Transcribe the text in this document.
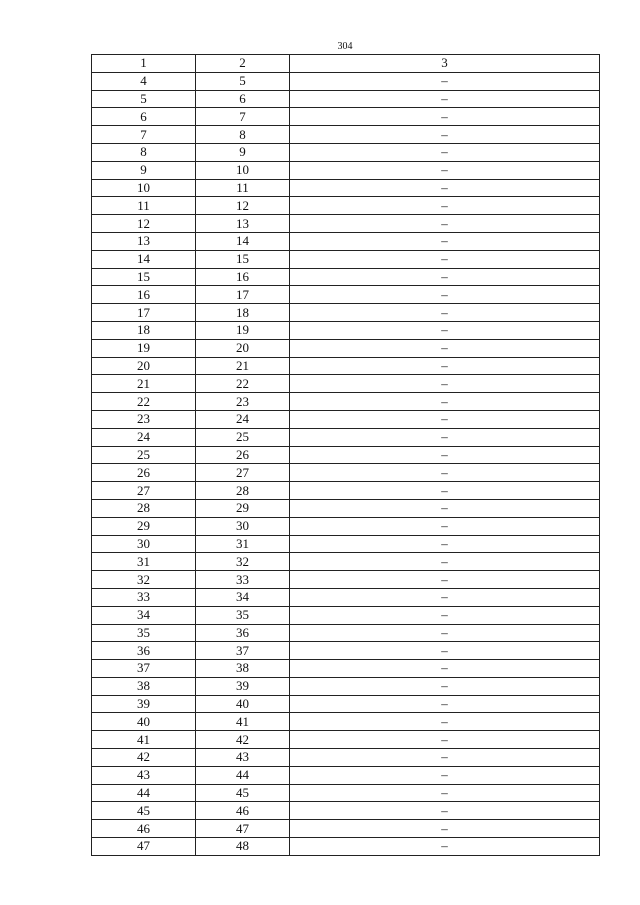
304
1	2	3
4	5	–
5	6	–
6	7	–
7	8	–
8	9	–
9	10	–
10	11	–
11	12	–
12	13	–
13	14	–
14	15	–
15	16	–
16	17	–
17	18	–
18	19	–
19	20	–
20	21	–
21	22	–
22	23	–
23	24	–
24	25	–
25	26	–
26	27	–
27	28	–
28	29	–
29	30	–
30	31	–
31	32	–
32	33	–
33	34	–
34	35	–
35	36	–
36	37	–
37	38	–
38	39	–
39	40	–
40	41	–
41	42	–
42	43	–
43	44	–
44	45	–
45	46	–
46	47	–
47	48	–
